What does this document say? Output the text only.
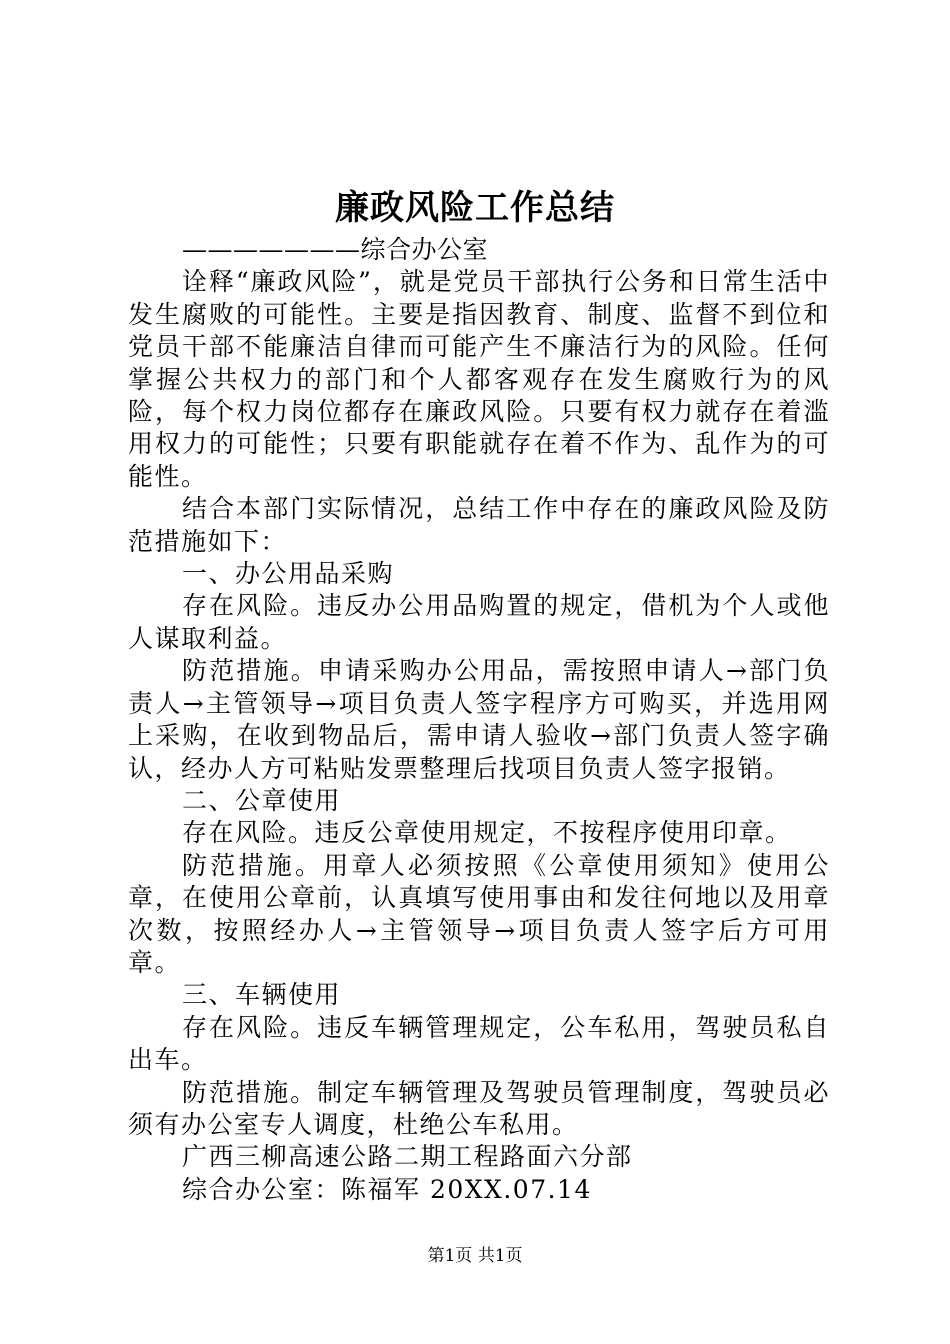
廉政风险工作总结

———————综合办公室

诠释“廉政风险”，就是党员干部执行公务和日常生活中发生腐败的可能性。主要是指因教育、制度、监督不到位和党员干部不能廉洁自律而可能产生不廉洁行为的风险。任何掌握公共权力的部门和个人都客观存在发生腐败行为的风险，每个权力岗位都存在廉政风险。只要有权力就存在着滥用权力的可能性；只要有职能就存在着不作为、乱作为的可能性。

结合本部门实际情况，总结工作中存在的廉政风险及防范措施如下：

一、办公用品采购

存在风险。违反办公用品购置的规定，借机为个人或他人谋取利益。

防范措施。申请采购办公用品，需按照申请人→部门负责人→主管领导→项目负责人签字程序方可购买，并选用网上采购，在收到物品后，需申请人验收→部门负责人签字确认，经办人方可粘贴发票整理后找项目负责人签字报销。

二、公章使用

存在风险。违反公章使用规定，不按程序使用印章。

防范措施。用章人必须按照《公章使用须知》使用公章，在使用公章前，认真填写使用事由和发往何地以及用章次数，按照经办人→主管领导→项目负责人签字后方可用章。

三、车辆使用

存在风险。违反车辆管理规定，公车私用，驾驶员私自出车。

防范措施。制定车辆管理及驾驶员管理制度，驾驶员必须有办公室专人调度，杜绝公车私用。

广西三柳高速公路二期工程路面六分部

综合办公室：陈福军 20XX.07.14

第1页 共1页
